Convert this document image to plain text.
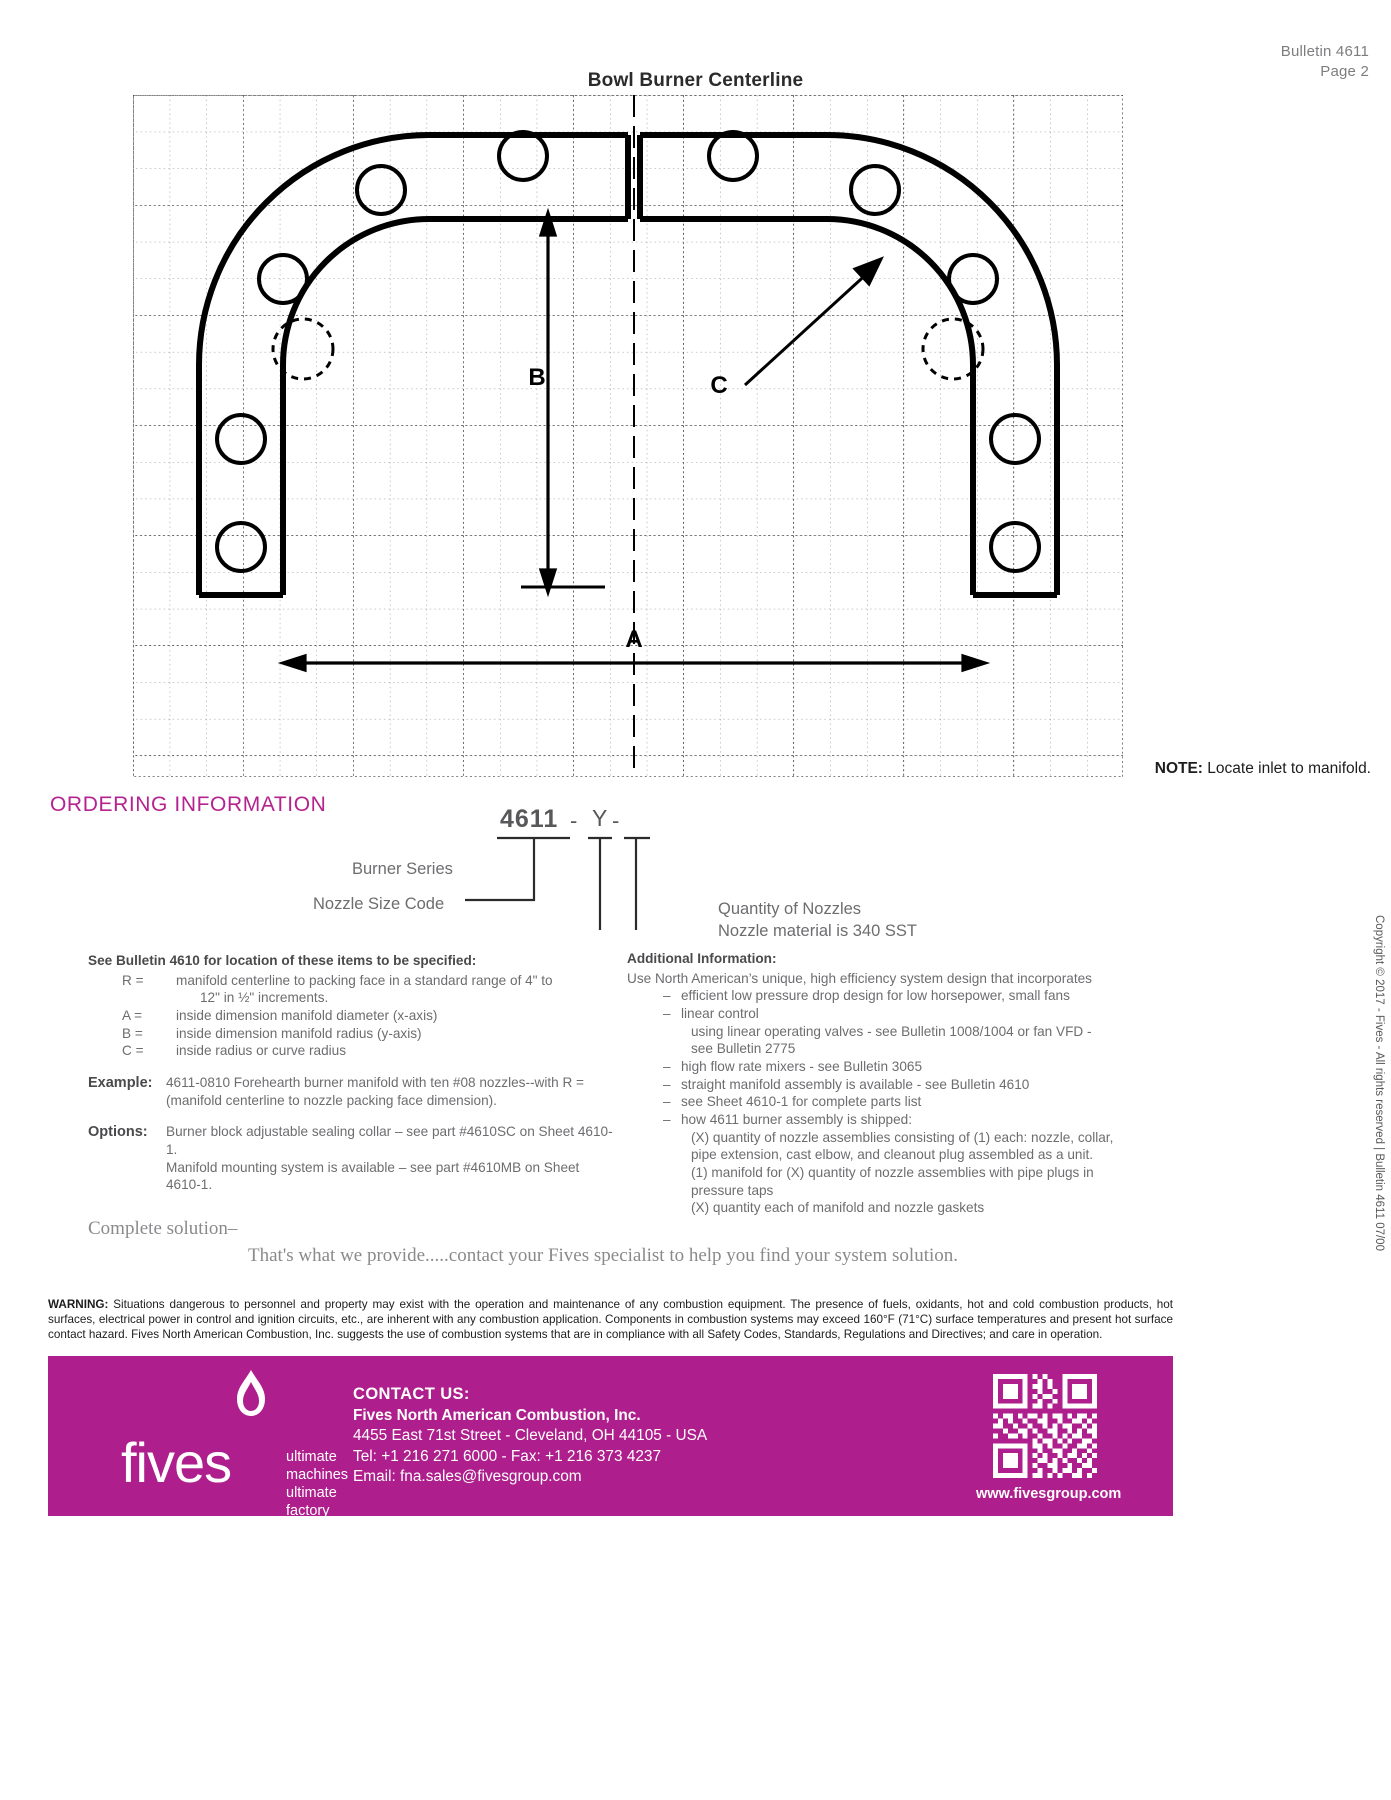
Bulletin 4611
Page 2
Bowl Burner Centerline
B
A
C
NOTE: Locate inlet to manifold.
ORDERING INFORMATION
4611 - Y -
Burner Series
Nozzle Size Code	Quantity of Nozzles
Nozzle material is 340 SST
See Bulletin 4610 for location of these items to be specified:
R =	manifold centerline to packing face in a standard range of 4" to
12" in ½" increments.
A =	inside dimension manifold diameter (x-axis)
B =	inside dimension manifold radius (y-axis)
C =	inside radius or curve radius
Example: 4611-0810 Forehearth burner manifold with ten #08 nozzles--with R =
(manifold centerline to nozzle packing face dimension).
Options:	Burner block adjustable sealing collar – see part #4610SC on Sheet 4610-1.

Manifold mounting system is available – see part #4610MB on Sheet
4610-1.
Additional Information:
Use North American’s unique, high efficiency system design that incorporates
– efficient low pressure drop design for low horsepower, small fans
– linear control
using linear operating valves - see Bulletin 1008/1004 or fan VFD -
see Bulletin 2775
– high flow rate mixers - see Bulletin 3065
– straight manifold assembly is available - see Bulletin 4610
– see Sheet 4610-1 for complete parts list
– how 4611 burner assembly is shipped:
(X) quantity of nozzle assemblies consisting of (1) each: nozzle, collar,
pipe extension, cast elbow, and cleanout plug assembled as a unit.
(1) manifold for (X) quantity of nozzle assemblies with pipe plugs in
pressure taps
(X) quantity each of manifold and nozzle gaskets
Complete solution–
That's what we provide.....contact your Fives specialist to help you find your system solution.
WARNING: Situations dangerous to personnel and property may exist with the operation and maintenance of any combustion equipment. The presence of fuels, oxidants, hot and cold combustion products, hot surfaces, electrical power in control and ignition circuits, etc., are inherent with any combustion application. Components in combustion systems may exceed 160°F (71°C) surface temperatures and present hot surface contact hazard. Fives North American Combustion, Inc. suggests the use of combustion systems that are in compliance with all Safety Codes, Standards, Regulations and Directives; and care in operation.
fives	ultimate machines
ultimate factory
CONTACT US:
Fives North American Combustion, Inc.
4455 East 71st Street - Cleveland, OH 44105 - USA
Tel: +1 216 271 6000 - Fax: +1 216 373 4237
Email: fna.sales@fivesgroup.com
www.fivesgroup.com
Copyright © 2017 - Fives - All rights reserved | Bulletin 4611 07/00
